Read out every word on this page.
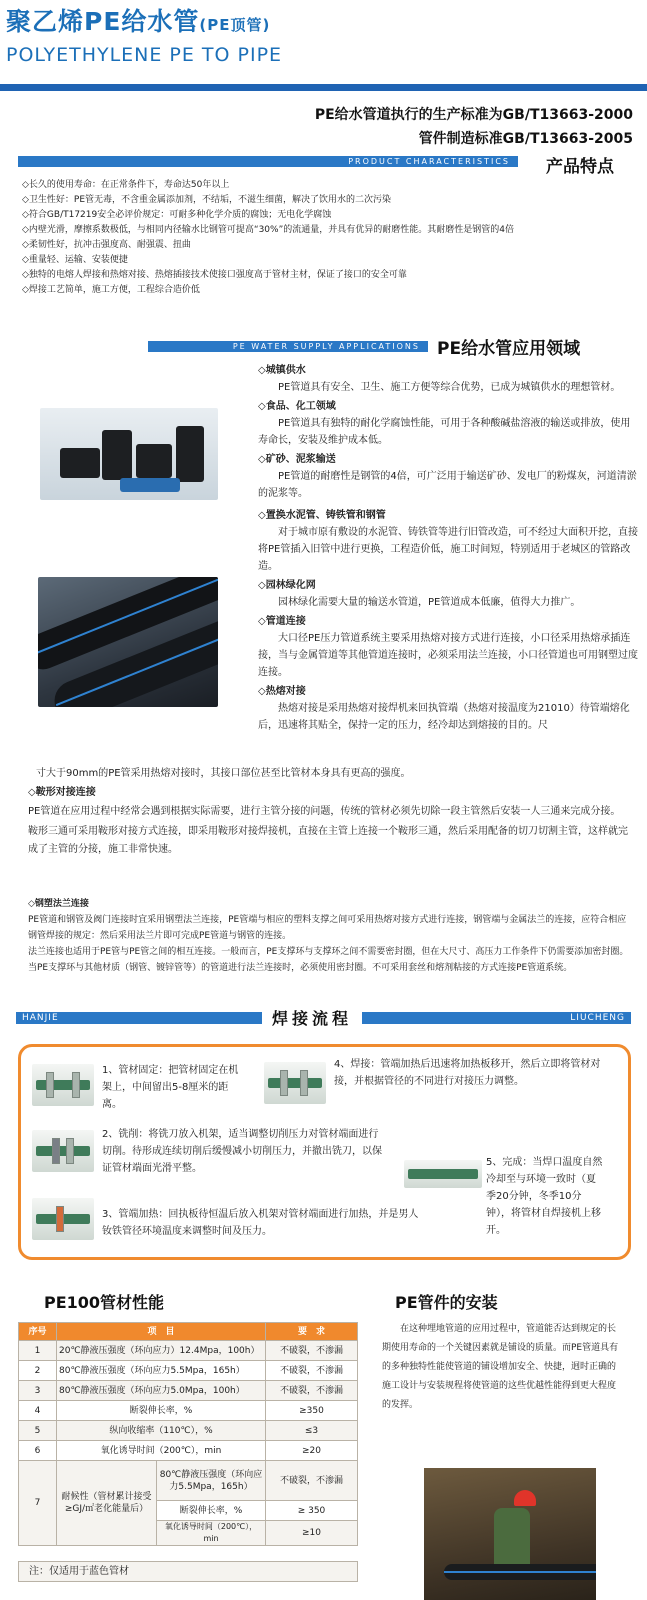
聚乙烯PE给水管(PE顶管)
POLYETHYLENE PE TO PIPE
PE给水管道执行的生产标准为GB/T13663-2000
管件制造标准GB/T13663-2005
PRODUCT CHARACTERISTICS	产品特点
◇长久的使用寿命：在正常条件下，寿命达50年以上
◇卫生性好：PE管无毒，不含重金属添加剂，不结垢，不滋生细菌，解决了饮用水的二次污染
◇符合GB/T17219安全必评价规定：可耐多种化学介质的腐蚀；无电化学腐蚀
◇内壁光滑，摩擦系数极低，与相同内径输水比钢管可提高“30%”的流通量，并具有优异的耐磨性能。其耐磨性是钢管的4倍
◇柔韧性好，抗冲击强度高、耐强震、扭曲
◇重量轻、运输、安装便捷
◇独特的电熔人焊接和热熔对接、热熔插接技术使接口强度高于管材主材，保证了接口的安全可靠
◇焊接工艺简单，施工方便，工程综合造价低
PE WATER SUPPLY APPLICATIONS	PE给水管应用领域
◇城镇供水
PE管道具有安全、卫生、施工方便等综合优势，已成为城镇供水的理想管材。
◇食品、化工领域
PE管道具有独特的耐化学腐蚀性能，可用于各种酸碱盐溶液的输送或排放，使用寿命长，安装及维护成本低。
◇矿砂、泥浆输送
PE管道的耐磨性是钢管的4倍，可广泛用于输送矿砂、发电厂的粉煤灰，河道清淤的泥浆等。
◇置换水泥管、铸铁管和钢管
对于城市原有敷设的水泥管、铸铁管等进行旧管改造，可不经过大面积开挖，直接将PE管插入旧管中进行更换，工程造价低，施工时间短，特别适用于老城区的管路改造。
◇园林绿化网
园林绿化需要大量的输送水管道，PE管道成本低廉，值得大力推广。
◇管道连接
大口径PE压力管道系统主要采用热熔对接方式进行连接，小口径采用热熔承插连接，当与金属管道等其他管道连接时，必须采用法兰连接，小口径管道也可用钢塑过度连接。
◇热熔对接
热熔对接是采用热熔对接焊机来回执管端（热熔对接温度为21010）待管端熔化后，迅速将其贴全，保持一定的压力，经冷却达到熔接的目的。尺
寸大于90mm的PE管采用热熔对接时，其接口部位甚至比管材本身具有更高的强度。
◇鞍形对接连接
PE管道在应用过程中经常会遇到根据实际需要，进行主管分接的问题，传统的管材必须先切除一段主管然后安装一人三通来完成分接。
鞍形三通可采用鞍形对接方式连接，即采用鞍形对接焊接机，直接在主管上连接一个鞍形三通，然后采用配备的切刀切割主管，这样就完成了主管的分接，施工非常快速。
◇钢塑法兰连接
PE管道和钢管及阀门连接时宜采用钢塑法兰连接，PE管端与相应的塑料支撑之间可采用热熔对接方式进行连接，钢管端与金属法兰的连接，应符合相应钢管焊接的规定：然后采用法兰片即可完成PE管道与钢管的连接。
法兰连接也适用于PE管与PE管之间的相互连接。一般而言，PE支撑环与支撑环之间不需要密封圈，但在大尺寸、高压力工作条件下仍需要添加密封圈。当PE支撑环与其他材质（钢管、镀锌管等）的管道进行法兰连接时，必须使用密封圈。不可采用套丝和熔剂粘接的方式连接PE管道系统。
HANJIE	LIUCHENG
焊接流程
1、管材固定：把管材固定在机架上，中间留出5-8厘米的距离。
4、焊接：管端加热后迅速将加热板移开，然后立即将管材对接，并根据管径的不同进行对接压力调整。
2、铣削：将铣刀放入机架，适当调整切削压力对管材端面进行切削。待形成连续切削后缓慢减小切削压力，并撤出铣刀，以保证管材端面光滑平整。
5、完成：当焊口温度自然冷却至与环境一致时（夏季20分钟，冬季10分钟），将管材自焊接机上移开。
3、管端加热：回执板待恒温后放入机架对管材端面进行加热，并是男人钕铁管径环境温度来调整时间及压力。
PE100管材性能	PE管件的安装
序号	项　目		要　求
1	20℃静液压强度（环向应力）12.4Mpa，100h）		不破裂，不渗漏
2	80℃静液压强度（环向应力5.5Mpa，165h）		不破裂，不渗漏
3	80℃静液压强度（环向应力5.0Mpa，100h）		不破裂，不渗漏
4	断裂伸长率，%		≥350
5	纵向收缩率（110℃），%		≤3
6	氧化诱导时间（200℃），min		≥20
7	耐候性（管材累计接受≥GJ/㎡老化能量后）	80℃静液压强度（环向应力5.5Mpa，165h）	不破裂，不渗漏
		断裂伸长率，%	≥ 350
		氧化诱导时间（200℃），min	≥10
注：仅适用于蓝色管材
在这种埋地管道的应用过程中，管道能否达到规定的长期使用寿命的一个关键因素就是铺设的质量。而PE管道具有的多种独特性能使管道的铺设增加安全、快捷，迥时正确的施工设计与安装规程将使管道的这些优越性能得到更大程度的发挥。
